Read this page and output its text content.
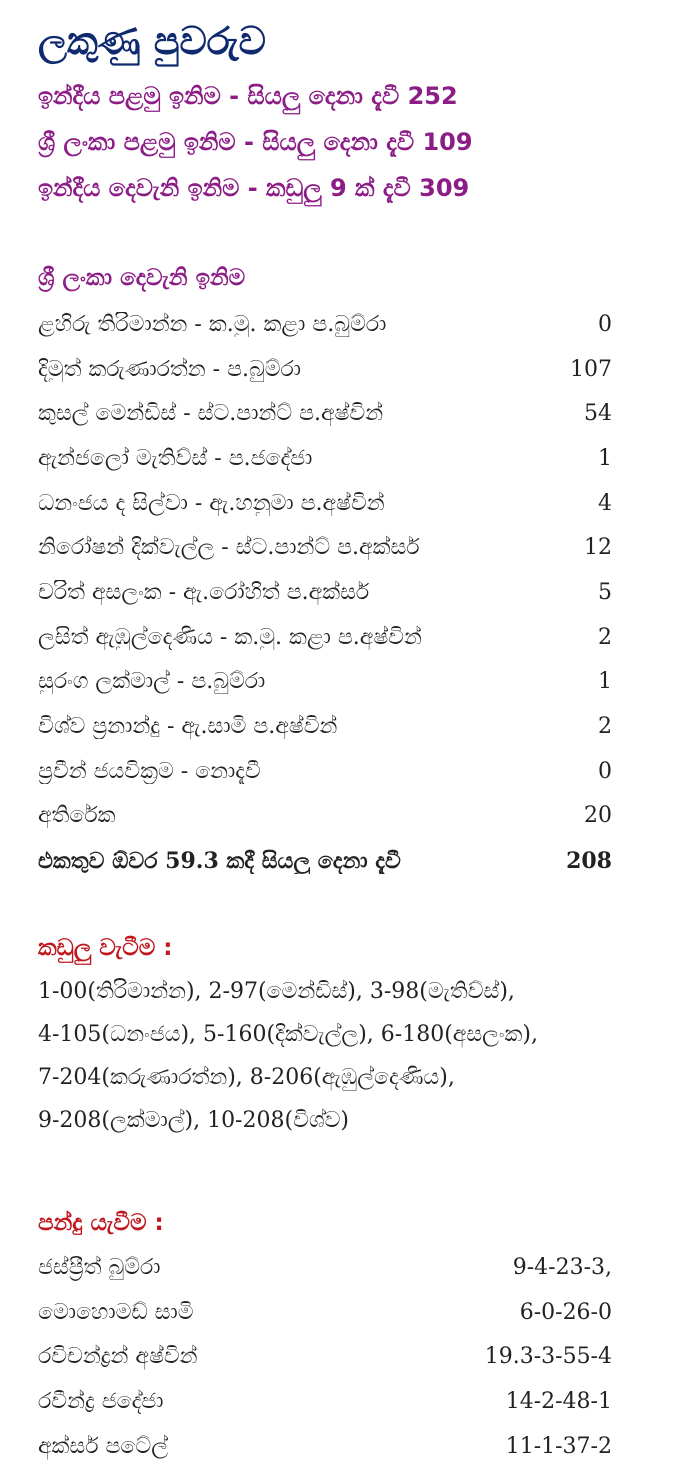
ලකුණු පුවරුව
ඉන්දීය පළමු ඉනිම - සියලු දෙනා දැවී 252
ශ්‍රී ලංකා පළමු ඉනිම - සියලු දෙනා දැවී 109
ඉන්දීය දෙවැනි ඉනිම - කඩුලු 9 ක් දැවී 309
ශ්‍රී ලංකා දෙවැනි ඉනිම
ළහිරු තිරිමාන්න - ක.මු. කළා ප.බුම්රා	0
දිමුත් කරුණාරත්න - ප.බුම්රා	107
කුසල් මෙන්ඩිස් - ස්ට.පාන්ට් ප.අෂ්වින්	54
ඇන්ජලෝ මැතිව්ස් - ප.ජදේජා	1
ධනංජය ද සිල්වා - ඇ.හනුමා ප.අෂ්වින්	4
නිරෝෂන් දික්වැල්ල - ස්ට.පාන්ට් ප.අක්සර්	12
චරිත් අසලංක - ඇ.රෝහිත් ප.අක්සර්	5
ලසිත් ඇඹුල්දෙණිය - ක.මු. කළා ප.අෂ්වින්	2
සුරංග ලක්මාල් - ප.බුම්රා	1
විශ්ව ප්‍රනාන්දු - ඇ.සාමි ප.අෂ්වින්	2
ප්‍රවීන් ජයවික්‍රම - නොදැවී	0
අතිරේක	20
එකතුව ඕවර 59.3 කදී සියලු දෙනා දැවී	208
කඩුලු වැටීම :
1-00(තිරිමාන්න), 2-97(මෙන්ඩිස්), 3-98(මැතිව්ස්),
4-105(ධනංජය), 5-160(දික්වැල්ල), 6-180(අසලංක),
7-204(කරුණාරත්න), 8-206(ඇඹුල්දෙණිය),
9-208(ලක්මාල්), 10-208(විශ්ව)
පන්දු යැවීම :
ජස්ප්‍රීත් බුම්රා	9-4-23-3,
මොහොමඩ් සාමි	6-0-26-0
රවිචන්ද්‍රන් අෂ්වින්	19.3-3-55-4
රවීන්ද්‍ර ජදේජා	14-2-48-1
අක්සර් පටේල්	11-1-37-2
